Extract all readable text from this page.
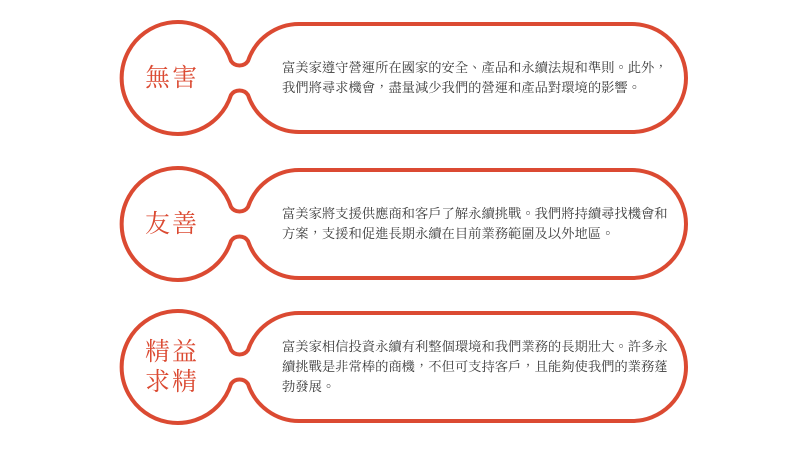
無害	富美家遵守營運所在國家的安全、產品和永續法規和準則。此外，我們將尋求機會，盡量減少我們的營運和產品對環境的影響。
友善	富美家將支援供應商和客戶了解永續挑戰。我們將持續尋找機會和方案，支援和促進長期永續在目前業務範圍及以外地區。
精益求精
富美家相信投資永續有利整個環境和我們業務的長期壯大。許多永續挑戰是非常棒的商機，不但可支持客戶，且能夠使我們的業務蓬勃發展。
